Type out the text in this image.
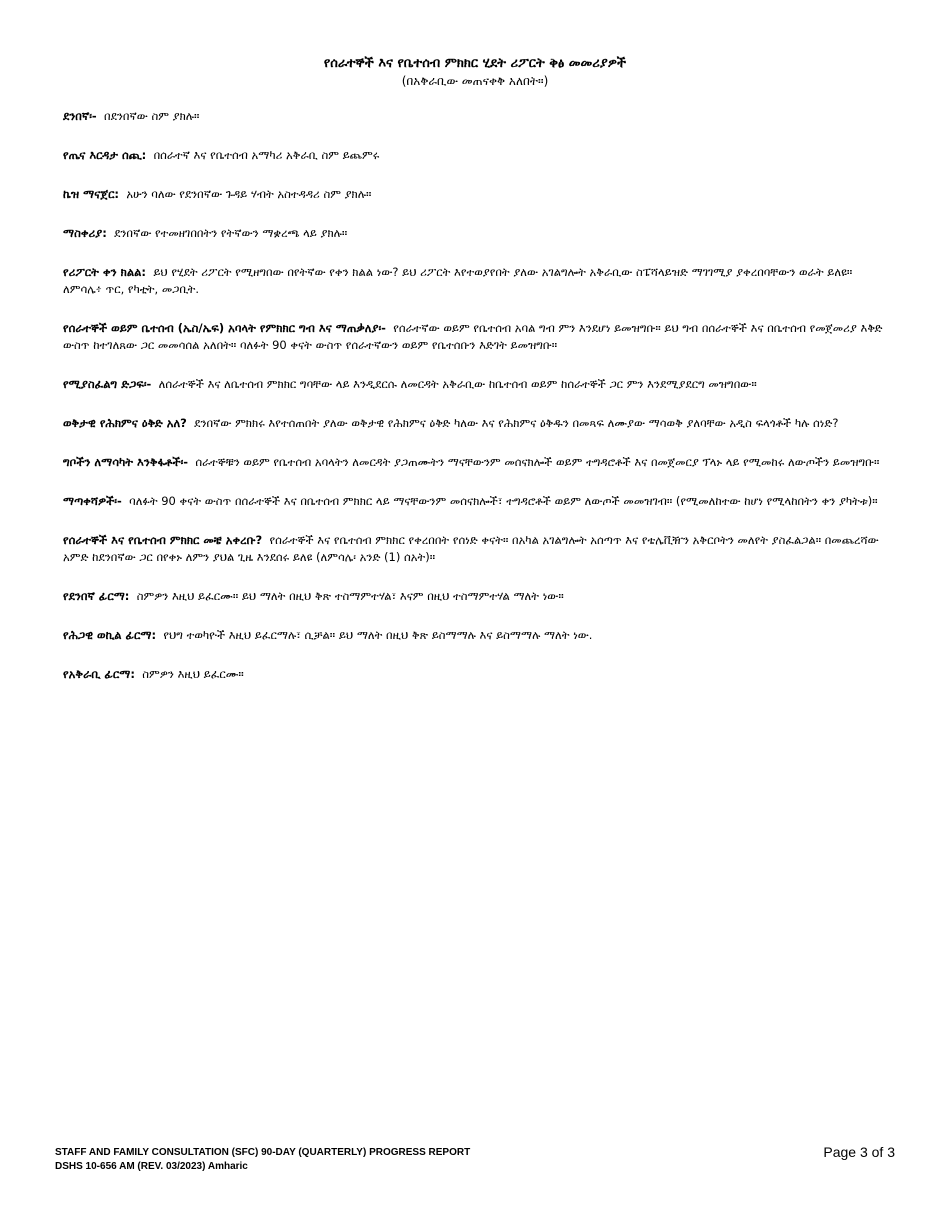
የሰራተኞች እና የቤተሰብ ምክክር ሂደት ሪፖርት ቅፅ መመሪያዎች
(በአቅራቢው መጠናቀቅ አለበት።)

ደንበኛ፡- በደንበኛው ስም ያክሉ።

የጤና እርዳታ ሰጪ: በሰራተኛ እና የቤተሰብ አማካሪ አቅራቢ ስም ይጨምሩ

ኬዝ ማናጀር: አሁን ባለው የደንበኛው ጉዳይ ሃብት አስተዳዳሪ ስም ያክሉ።

ማስቀሪያ: ደንበኛው የተመዘገበበትን የትኛውን ማቋረጫ ላይ ያክሉ።

የሪፖርት ቀን ክልል: ይህ የሂደት ሪፖርት የሚዘግበው በየትኛው የቀን ክልል ነው? ይህ ሪፖርት እየተወያየበት ያለው አገልግሎት አቅራቢው ስፔሻላይዝድ ማገገሚያ ያቀረበባቸውን ወራት ይለዩ። ለምሳሌ፥ ጥር, የካቲት, መጋቢት.

የሰራተኞች ወይም ቤተሰብ (ኤስ/ኤፍ) አባላት የምክክር ግብ እና ማጠቃለያ፡- የሰራተኛው ወይም የቤተሰብ አባል ግብ ምን እንደሆነ ይመዝግቡ። ይህ ግብ በሰራተኞች እና በቤተሰብ የመጀመሪያ እቅድ ውስጥ ከተገለጸው ጋር መመሳሰል አለበት። ባለፉት 90 ቀናት ውስጥ የሰራተኛውን ወይም የቤተሰቡን እድገት ይመዝግቡ።

የሚያስፈልግ ድጋፍ፡- ለሰራተኞች እና ለቤተሰብ ምክክር ግባቸው ላይ እንዲደርሱ ለመርዳት አቅራቢው ከቤተሰብ ወይም ከሰራተኞች ጋር ምን እንደሚያደርግ መዝግበው።

ወቅታዊ የሕክምና ዕቅድ አለ? ደንበኛው ምክክሩ እየተሰጠበት ያለው ወቅታዊ የሕክምና ዕቅድ ካለው እና የሕክምና ዕቅዱን በመጻፍ ለሙያው ማሳወቅ ያለባቸው አዲስ ፍላጎቶች ካሉ ሰነድ?

ግቦችን ለማሳካት እንቅፋቶች፡- ሰራተኞቹን ወይም የቤተሰብ አባላትን ለመርዳት ያጋጠሙትን ማናቸውንም መሰናክሎች ወይም ተግዳሮቶች እና በመጀመርያ ፕላኑ ላይ የሚመከሩ ለውጦችን ይመዝግቡ።

ማጣቀሻዎች፡- ባለፉት 90 ቀናት ውስጥ በሰራተኞች እና በቤተሰብ ምክክር ላይ ማናቸውንም መሰናክሎች፣ ተግዳሮቶች ወይም ለውጦች መመዝገብ። (የሚመለከተው ከሆነ የሚላከበትን ቀን ያካትቱ)።

የሰራተኞች እና የቤተሰብ ምክክር መቼ አቀረቡ? የሰራተኞች እና የቤተሰብ ምክክር የቀረበበት የሰነድ ቀናት። በአካል አገልግሎት አሰጣጥ እና የቴሌቪዥን አቅርቦትን መለየት ያስፈልጋል። በመጨረሻው አምድ ከደንበኛው ጋር በየቀኑ ለምን ያህል ጊዜ እንደሰሩ ይለዩ (ለምሳሌ፡ አንድ (1) ሰአት)።

የደንበኛ ፊርማ: ስምዎን እዚህ ይፈርሙ። ይህ ማለት በዚህ ቅጽ ተስማምተሃል፣ እናም በዚህ ተስማምተሃል ማለት ነው።

የሕጋዊ ወኪል ፊርማ: የህግ ተወካዮች እዚህ ይፈርማሉ፣ ሲቻል። ይህ ማለት በዚህ ቅጽ ይስማማሉ እና ይስማማሉ ማለት ነው.

የአቅራቢ ፊርማ: ስምዎን እዚህ ይፈርሙ።

STAFF AND FAMILY CONSULTATION (SFC) 90-DAY (QUARTERLY) PROGRESS REPORT
DSHS 10-656 AM (REV. 03/2023) Amharic
Page 3 of 3
